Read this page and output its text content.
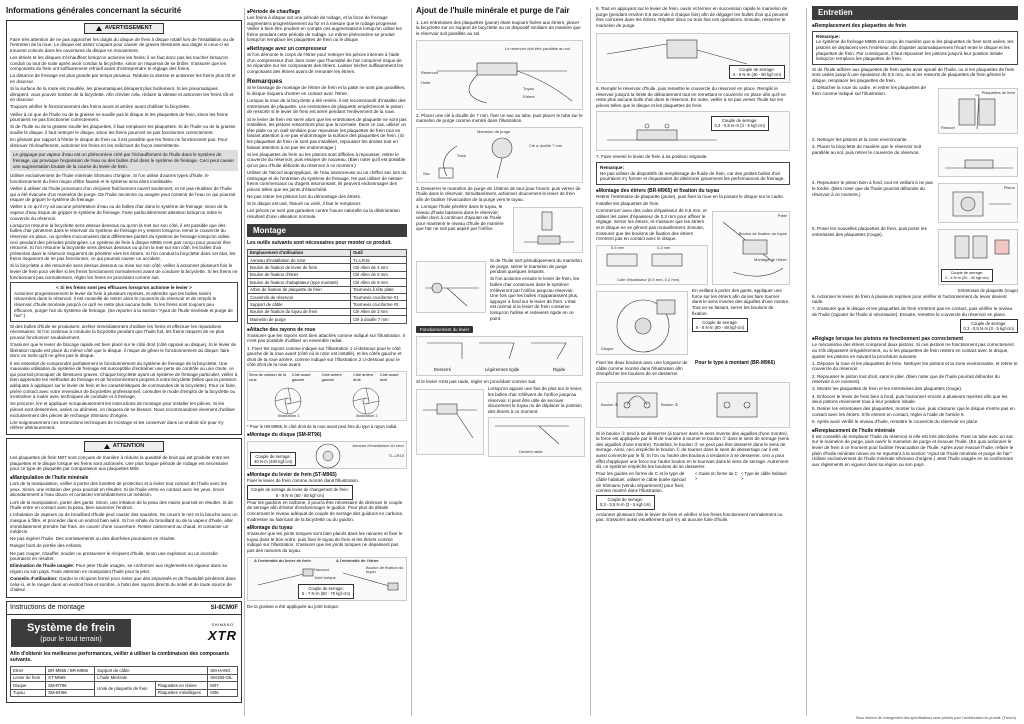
Informations générales concernant la sécurité
AVERTISSEMENT

Faire très attention de ne pas approcher les doigts du disque de frein à disque rotatif lors de l'installation ou de l'entretien de la roue. Le disque est assez coupant pour causer de graves blessures aux doigts si ceux-ci se trouvent coincés dans les ouvertures du disque en mouvement.

Les étriers et les disques s'échauffent lorsqu'on actionne les freins; il ne faut donc pas les toucher lorsqu'on conduit ou tout de suite après avoir conduit la bicyclette, sinon on risquerait de se brûler. S'assurer que les composants du frein ont suffisamment refroidi avant d'entreprendre le réglage des freins.

La distance de freinage est plus grande par temps pluvieux. Réduire la vitesse et actionner les freins plus tôt et en douceur.

Si la surface de la route est mouillée, les pneumatiques dérapent plus facilement. Si les pneumatiques dérapent, vous pouvez tomber de la bicyclette. Afin d'éviter cela, réduire la vitesse et actionner les freins tôt et en douceur.

Toujours vérifier le fonctionnement des freins avant et arrière avant d'utiliser la bicyclette.

Veiller à ce que de l'huile ou de la graisse ne souille pas le disque et les plaquettes de frein, sinon les freins pourraient ne pas fonctionner correctement.

Si de l'huile ou de la graisse souille les plaquettes, il faut remplacer les plaquettes. Si de l'huile ou de la graisse souille le disque, il faut nettoyer le disque, sinon les freins pourront ne pas fonctionner correctement.

En glissant par rapport à l'étrier le disque de frein ou il est possible que les freins ne fonctionnent pas. Pour diminuer l'échauffement, actionner les freins en les relâchant de façon intermittente.

Le grippage par vapeur d'eau est un phénomène créé par l'échauffement de l'huile dans le système de freinage, qui provoque l'expansion de l'eau ou des bulles d'air dans le système de freinage. Ceci peut causer une augmentation brutale de la course du levier de frein.

Utiliser exclusivement de l'huile minérale Shimano d'origine. Si l'on utilise d'autres types d'huile, le fonctionnement du frein risque d'être faussé et le système sera alors inutilisable.

Veiller à utiliser de l'huile provenant d'un récipient fraîchement ouvert seulement, et ne pas réutiliser de l'huile qui a été évacuée d'un mamelon de purge. De l'huile ancienne ou usagée peut contenir de l'eau ce qui pourrait risquer de gripper le système de freinage.

Veiller à ce qu'il n'y ait aucune pénétration d'eau ou de bulles d'air dans le système de freinage, sinon de la vapeur d'eau risque de gripper le système de freinage. Faire particulièrement attention lorsqu'on retire le couvercle du réservoir.

Lorsqu'on retourne la bicyclette sens dessus dessous ou qu'on la met sur son côté, il est possible que des bulles d'air pénètrent dans le réservoir du système de freinage et y restent lorsqu'on remet le couvercle du réservoir en place, ou qu'elles s'accumulent dans différentes parties du système de freinage lorsqu'on utilise ceci pendant des périodes prolongées. Le système de frein à disque M965 n'est pas conçu pour pouvoir être retourné. Si l'on retourne la bicyclette sens dessus dessous ou qu'on la met sur son côté, les bulles d'air présentes dans le réservoir risqueront de pénétrer vers les étriers. Si l'on conduit la bicyclette dans cet état, les freins risqueront de ne pas fonctionner, ce qui pourrait causer un accident.

Si la bicyclette a été retournée sens dessus dessous ou mise sur son côté, veiller à actionner plusieurs fois le levier de frein pour vérifier si les freins fonctionnent normalement avant de conduire la bicyclette. Si les freins ne fonctionnent pas normalement, régler les freins en procédant comme suit.

< Si les freins sont peu efficaces lorsqu'on actionne le levier >
Actionner progressivement le levier de frein à plusieurs reprises, et attendre que les bulles soient retournées dans le réservoir. Il est conseillé de retirer alors le couvercle du réservoir et de remplir le réservoir d'huile minérale jusqu'à ce qu'il ne reste plus aucune bulle. Si les freins sont toujours peu efficaces, purger l'air du système de freinage. (Se reporter à la section "Ajout de l'huile minérale et purge de l'air".)

Si des bulles d'huile se produisent, arrêter immédiatement d'utiliser les freins et effectuer les réparations nécessaires. Si l'on continue à conduire la bicyclette pendant que l'huile fuit, les freins risquent de ne plus pouvoir fonctionner soudainement.

S'assurer que le levier de blocage rapide est bien placé sur le côté droit (côté opposé au disque). Si le levier de libération rapide est placé du même côté que le disque, il risque de gêner le fonctionnement du disque; faire donc en sorte qu'il ne gêne pas le disque.

Il est essentiel de comprendre parfaitement le fonctionnement du système de freinage de la bicyclette. Une mauvaise utilisation du système de freinage est susceptible d'entraîner une perte de contrôle ou une chute, ce qui pourrait provoquer de blessures graves. Chaque bicyclette ayant un système de freinage particulier, veiller à bien apprendre les méthodes de freinage et de fonctionnement propres à votre bicyclette (telles que la pression adéquate à appliquer sur le levier de frein et les caractéristiques de commandes de la bicyclette). Pour ce faire, prière contact avec votre revendeur de bicyclettes professionnel, consulter le mode d'emploi de la bicyclette ou s'entraîner à rouler avec techniques de conduite et à freinage.

Se procurer, lire et appliquer scrupuleusement les instructions de montage pour installer les pièces. Si les pièces sont desserrées, usées ou abîmées, on risquera de se blesser. Nous recommandons vivement d'utiliser exclusivement des pièces de rechange Shimano d'origine.

Lire soigneusement ces instructions techniques de montage et les conserver dans un endroit sûr pour s'y référer ultérieurement.

ATTENTION

Les plaquettes de frein M07 sont conçues de manière à réduire la quantité de bruit qui est produite entre les plaquettes et le disque lorsque les freins sont actionnés. Une plus longue période de rodage est nécessaire pour ce type de plaquette par comparaison aux plaquettes M06.

■ Manipulation de l'huile minérale

Lors de la manipulation, veiller à porter des lunettes de protection et à éviter tout contact de l'huile avec les yeux. Sinon, une irritation des yeux pourrait en résulter. Si de l'huile entre en contact avec les yeux, rincer abondamment à l'eau douce et contacter immédiatement un médecin.

Lors de la manipulation, porter des gants. Sinon, une irritation de la peau des mains pourrait en résulter. Si de l'huile entre en contact avec la peau, bien savonner l'endroit.

L'inhalation de vapeurs ou de brouillard d'huile peut causer des nausées. Se couvrir le nez et la bouche avec un masque à filtre, et procéder dans un endroit bien aéré. Si l'on inhale du brouillard ou de la vapeur d'huile, aller immédiatement prendre l'air frais. Se couvrir d'une couverture. Rester calmement au chaud, et contacter un médecin.

Ne pas ingérer l'huile. Des vomissements ou des diarrhées pourraient en résulter.

Ranger hors de portée des enfants.

Ne pas couper, chauffer, souder ou pressuriser le récipient d'huile, sinon une explosion ou un incendie pourraient en résulter.

Elimination de l'huile usagée: Pour jeter l'huile usagée, se conformer aux règlements en vigueur dans sa région ou son pays. Faire attention en manipulant l'huile pour la jeter.

Conseils d'utilisation: Garder le récipient fermé pour éviter que des impuretés et de l'humidité pénètrent dans celui-ci, et le ranger dans un endroit frais et sombre, à l'abri des rayons directs du soleil et de toute source de chaleur.

Instructions de montage	SI-8CM0F
Système de frein
(pour le tout terrain)
SHIMANO
XTR
Afin d'obtenir les meilleures performances, veiller à utiliser la combinaison des composants suivants.
Etrier	BR-M965 / BR-M966	Support de câble		SM-HANG
Levier de frein	ST-M965	L'huile Minérale		SM-DB-OIL
Disque	SM-RT96	Unité de plaquette de frein	Plaquettes en résine	M07
Tuyau	SM-BH96		Plaquettes métalliques	M06
■ Période de chauffage

Les freins à disque ont une période de rodage, et la force de freinage augmentera progressivement au fur et à mesure que le rodage progresse. Veiller à bien être prudent en compte ces augmentations lorsqu'on utilise les freins pendant cette période de rodage. Le même phénomène se produit lorsqu'on remplace les plaquettes de frein ou le disque.

■ Nettoyage avec un compresseur

Si l'on démonte le corps de l'étrier pour nettoyer les pièces internes à l'aide d'un compresseur d'air, bien noter que l'humidité de l'air comprimé risque de se répandre sur les composants des étriers. Laisser sécher suffisamment les composants des étriers avant de remonter les étriers.

Remarques

Si le bossage de montage de l'étrier de frein et la patte ne sont pas parallèles, le disque risquera d'entrer en contact avec l'étrier.

Lorsque la roue de la bicyclette a été retirée, il est recommandé d'installer des entretoises de plaquette. Les entretoises de plaquette empêcheront le piston de ressortir si le levier de frein est serré pendant l'enlèvement de la roue.

Si le levier de frein est serré alors que les entretoises de plaquette ne sont pas installées, les pistons ressortiront plus que la normale. Dans ce cas, utiliser un tête plate ou un outil similaire pour repousser les plaquettes de frein tout en faisant attention à ne pas endommager la surface des plaquettes de frein. (Si les plaquettes de frein ne sont pas installées, repousser les droites tout en faisant attention à ne pas les endommager.)

Si les plaquettes de frein ou les pistons sont difficiles à repousser, retirer le couvercle du réservoir, puis essayer de nouveau. (Bien noter qu'il est possible qu'un peu d'huile déborde du réservoir à ce moment.)

Utiliser de l'alcool isopropylique, de l'eau savonneuse ou un chiffon sec lors du nettoyage et de l'entretien du système de freinage. Ne pas utiliser de nettoie-freins commerciaux ou d'agent insonorisant, ils peuvent endommager des pièces telles que les joints d'étanchéité.

Ne pas retirer les pistons lors du démontage des étriers.

Si le disque est usé, fissuré ou voilé, il faut le remplacer.

Les pièces ne sont pas garanties contre l'usure naturelle ou la détérioration résultant d'une utilisation normale.

Montage
Les outils suivants sont nécessaires pour monter ce produit.
Emplacement d'utilisation	Outil
Anneau d'installation du rotor	TL-LR15
Boulon de fixation de levier de frein	Clé Allen de 4 mm
Boulon de fixation d'étrier	Clé Allen de 5 mm
Boulon de fixation d'adaptateur (type montant)	Clé Allen de 5 mm
Arbre de fixation de plaquette de frein	Tournevis à tête plate
Couvercle de réservoir	Tournevis cruciforme #1
Support de câble	Tournevis cruciforme #2
Boulon de fixation du tuyau de frein	Clé Allen de 3 mm
Mamelon de purge	Clé à douille 7 mm
■ Attache des rayons de roue

S'assurer que les rayons sont bien attachés comme indiqué sur l'illustration. Il n'est pas possible d'utiliser un ensemble radial.

1. Fixer les rayons comme indiqué sur l'illustration 1 ci-dessous pour le côté gauche de la roue avant (côté où le rotor est installé), et les côtés gauche et droit de la roue arrière, comme indiqué sur l'illustration 2 ci-dessous pour le côté droit de la roue avant.

Sens de rotation de la roue
Côté avant gauche
Côté arrière gauche
Côté arrière droit
Côté avant droit
Illustration 1	Illustration 2

* Pour le HB-M965, le côté droit de la roue avant peut être du type à rayon radial.

■ Montage du disque (SM-RT96)
Anneau d'installation du rotor
TL-LR15
Couple de serrage:
40 N·m (400 kgf·cm)
■ Montage du levier de frein (ST-M965)

Fixer le levier de frein comme montré dans l'illustration.

Couple de serrage du levier de changement de frein:
6 - 8 N·m (60 - 80 kgf·cm)

Pour les guidons en carbone, il pourra être nécessaire de diminuer le couple de serrage afin d'éviter d'endommager le guidon. Pour plus de détails concernant le niveau adéquat de couple de serrage des guidons en carbone, s'adresser au fabricant de la bicyclette ou du guidon.

■ Montage du tuyau

S'assurer que les joints toriques sont bien placés dans les rainures et fixer le tuyau dans le bon ordre, puis fixer le tuyau de frein et les étriers comme indiqué sur l'illustration. S'assurer que les joints toriques ne dépassent pas pas des rainures du tuyau.

A l'extrémité du levier de frein	A l'extrémité de l'étrier
Raccord
Joint torique
Boulon de fixation du tuyau
Couple de serrage:
5 - 7 N·m (50 - 70 kgf·cm)

De la graisse a été appliquée au joint torique.

Ajout de l'huile minérale et purge de l'air

1. Les entretoises des plaquettes (jaune) étant toujours fixées aux étriers, placer la bicyclette sur un support de bicyclette ou un dispositif similaire de manière que le réservoir soit parallèle au sol.

Le réservoir doit être parallèle au sol.
Réservoir
Huile
Tuyau
Etriers

2. Placer une clé à douille de 7 mm, fixer un sac au tube, puis placer le tube sur le mamelon de purge comme montré dans l'illustration.

Mamelon de purge
Clé à douille 7 mm
Tube
Sac

3. Desserrer le mamelon de purge de 1/8ème de tour pour l'ouvrir, puis verser de l'huile dans le réservoir. Simultanément, actionner doucement le levier de frein afin de faciliter l'évacuation de la purge vers le tuyau.

4. Lorsque l'huile pénètre dans le tuyau, le niveau d'huile baissera dans le réservoir; veiller donc à continuer d'ajouter de l'huile pour maintenir le niveau d'huile de manière que l'air ne soit pas aspiré par l'orifice.

Si de l'huile sort périodiquement du mamelon de purge, serrer le mamelon de purge pendant quelques instants.

Si l'on actionne ensuite le levier de frein, les bulles d'air contenues dans le système s'élèveront par l'orifice jusqu'au réservoir. Une fois que les bulles n'apparaissent plus, appuyer à fond sur le levier de frein. L'état est normal si le levier de frein conserve lorsqu'on l'utilise et redevient rigide en ce point.

Fonctionnement du levier
Desserré	Légèrement rigide	Rigide

Si le levier n'est pas raide, régler en procédant comme suit.

Lorsqu'on appuie une fois de plus sur le levier, les bulles d'air s'élèvent de l'orifice jusqu'au réservoir. Il peut être utile de secouer doucement le tuyau ou de déplacer la position des étriers à ce moment.

Devient raide

5. Tout en appuyant sur le levier de frein, ouvrir et fermer en succession rapide le mamelon de purge (pendant environ 0,5 seconde à chaque fois) afin de dégager les bulles d'air qui peuvent être coincées dans les étriers. Répéter deux ou trois fois ces opérations. Ensuite, resserrer le mamelon de purge.

Couple de serrage:
4 - 6 N·m (40 - 60 kgf·cm)

6. Remplir le réservoir d'huile, puis remettre le couvercle du réservoir en place. Remplir le réservoir jusqu'à la limite de débordement tout en remettant le couvercle en place afin qu'il ne reste plus aucune bulle d'air dans le réservoir. En outre, veiller à ne pas verser l'huile sur les pièces telles que le disque et les plaquettes de frein.

Couple de serrage:
0,3 - 0,5 N·m (3 - 5 kgf·cm)

7. Faire revenir le levier de frein à sa position originale.

Remarque:
Ne pas utiliser de dispositifs de remplissage de fluide de frein, car des petites bulles d'air pourraient s'y former et risqueraient de détériorer gravement les performances de freinage.
■ Montage des étriers (BR-M965) et fixation du tuyau

Retirer l'entretoise de plaquette (jaune), puis fixer la roue en la posant le disque sur le cadre.

Installer les plaquettes de frein.

Commencer avec des cales d'épaisseur de 0,5 mm, et utiliser les cales d'épaisseur de 0,2 mm pour affiner le réglage. Serrer les étriers, et s'assurer que les étriers et le disque ne se gênent pas mutuellement. Ensuite, s'assurer que les boulons de fixation des étriers n'entrent pas en contact avec le disque.

0,5 mm	0,2 mm
Cale d'épaisseur (0,5 mm, 0,2 mm)
Patte
Boulon de fixation du tuyau
Montage de l'étrier
Disque

En veillant à porter des gants, appliquer une force sur les étriers afin de les faire tourner dans le sens inverse des aiguilles d'une montre. Tout en se faisant, serrer les boulons de fixation.

Couple de serrage:
6 - 8 N·m (60 - 80 kgf·cm)

Fixer les deux boulons avec une longueur de câble comme montré dans l'illustration afin d'empêcher les boulons de se desserrer.

Pour le type à montant (BR-M966)
Boulon ①	Boulon ②

Si le boulon ① tend à se desserrer (à tourner dans le sens inverse des aiguilles d'une montre), la force est appliquée par le fil de manière à tourner le boulon ② dans le sens de serrage (sens des aiguilles d'une montre). Toutefois, le boulon ② ne peut pas être desserré dans le sens de serrage. Ainsi, ceci empêche le boulon ① de tourner dans le sens de desserrage car il est aussi connecté par le fil. Si l'on ou l'autre des boulons a tendance à se desserrer, ceci a pour effet d'appliquer une force sur l'autre boulon en le tournant dans le sens de serrage. Autrement dit, ce système empêche les boulons de se desserrer.

Pour les guides en forme de C et le type de câble habituel, utiliser le câble butée spécial de Shimano (vendu séparément) pour fixer, comme montré dans l'illustration.

< Guide en forme de C >
< Type de câble habituel >
Couple de serrage:
0,3 - 0,5 N·m (3 - 5 kgf·cm)

Actionner plusieurs fois le levier de frein et vérifier si les freins fonctionnent normalement ou pas. S'assurer aussi visuellement qu'il n'y ait aucune fuite d'huile.

Entretien
■ Remplacement des plaquettes de frein
Remarque:
Le système de freinage M965 est conçu de manière que si les plaquettes de frein sont usées, les pistons se déplacent vers l'extérieur afin d'ajuster automatiquement l'écart entre le disque et les plaquettes de frein. Par conséquent, il faut repousser les pistons jusqu'à leur position initiale lorsqu'on remplace les plaquettes de frein.

Si de l'huile adhère aux plaquettes de frein après avoir ajouté de l'huile, ou si les plaquettes de frein sont usées jusqu'à une épaisseur de 0,5 mm, ou si les ressorts de plaquettes de frein gênent le disque, remplacer les plaquettes de frein.

1. Détacher la roue du cadre, et retirer les plaquettes de frein comme indiqué sur l'illustration.	Plaquettes de frein
Ressort

2. Nettoyer les pistons et la zone environnante.

3. Placer la bicyclette de manière que le réservoir soit parallèle au sol, puis retirer le couvercle du réservoir.

4. Repousser le piston bien à fond, tout en veillant à ne pas le tordre. (Bien noter que de l'huile pourrait déborder du réservoir à ce moment.)

Piston

5. Poser les nouvelles plaquettes de frein, puis poser les entretoises des plaquettes (rouge).

Couple de serrage:
2 - 4 N·m (20 - 40 kgf·cm)
Entretoises de plaquette (rouge)

6. Actionner le levier de frein à plusieurs reprises pour vérifier si l'actionnement du levier devient raide.

7. S'assurer que le disque et les plaquettes de frein n'entrent pas en contact, puis vérifier le niveau de l'huile (rajouter de l'huile si nécessaire). Ensuite, remettre le couvercle du réservoir en place.

Couple de serrage:
0,3 - 0,5 N·m (3 - 5 kgf·cm)
■ Réglage lorsque les pistons ne fonctionnent pas correctement

Le mécanisme des étriers comprend deux pistons. Si ces pistons ne fonctionnent pas correctement ou s'ils dépassent irrégulièrement, ou si les plaquettes de frein restent en contact avec le disque, ajuster les pistons en suivant la procédure suivante.

1. Déposer la roue et les plaquettes de frein. Nettoyer les pistons et la zone environnante, et retirer le couvercle du réservoir.

2. Repousser le piston tout droit, sans le plier. (Bien noter que de l'huile pourrait déborder du réservoir à ce moment).

3. Monter les plaquettes de frein et les entretoises des plaquettes (rouge).

4. Enfoncer le levier de frein bien à fond, puis l'actionner encore à plusieurs reprises afin que les deux pistons reviennent tous à leur position initiale.

5. Retirer les entretoises des plaquettes, monter la roue, puis s'assurer que le disque n'entre pas en contact avec les étriers. S'ils entrent en contact, régler à l'aide de l'article 6.

6. Après avoir vérifié le niveau d'huile, remettre le couvercle du réservoir en place.

■ Remplacement de l'huile minérale

Il est conseillé de remplacer l'huile du réservoir si elle est très décolorée. Fixer un tube avec un sac sur le mamelon de purge, puis ouvrir le mamelon de purge et évacuer l'huile. (En quoi actionner le levier de frein à ce moment pour faciliter l'évacuation de l'huile. Après avoir évacué l'huile, refaire le plein d'huile minérale neuve en se reportant à la section "Ajout de l'huile minérale et purge de l'air". Utiliser exclusivement de l'huile minérale Shimano d'origine.) Jeter l'huile usagée en se conformant aux règlements en vigueur dans sa région ou son pays.

Sous réserve de changement des spécifications sans préavis pour l'amélioration du produit. (French)
